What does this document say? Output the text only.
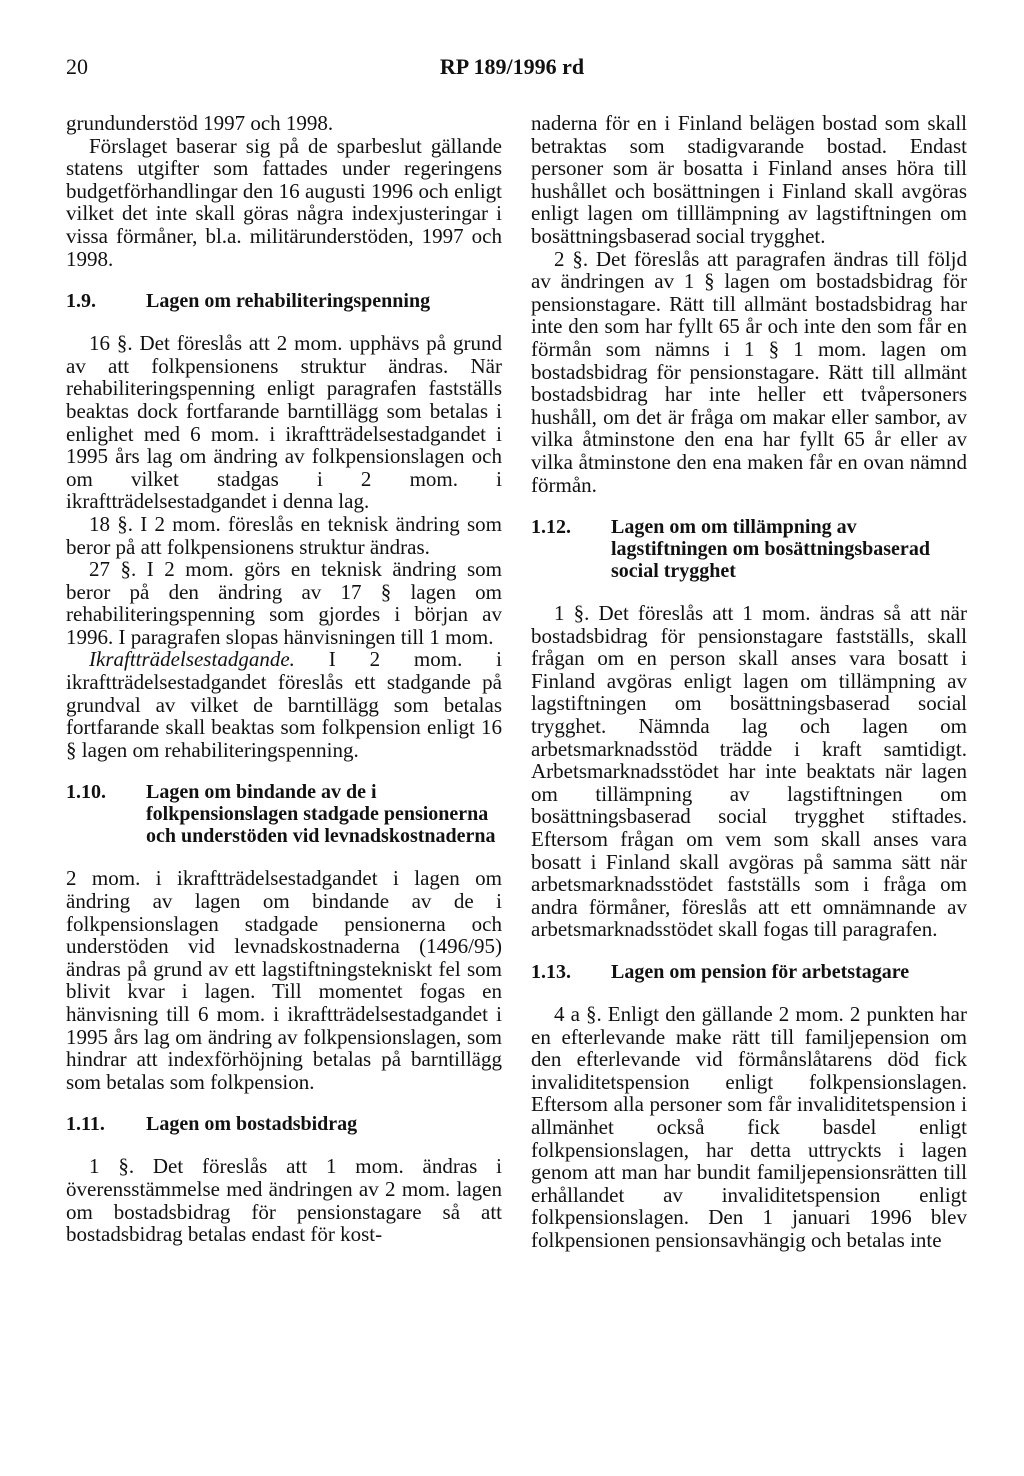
20	RP 189/1996 rd

grundunderstöd 1997 och 1998.

Förslaget baserar sig på de sparbeslut gällande statens utgifter som fattades under regeringens budgetförhandlingar den 16 augusti 1996 och enligt vilket det inte skall göras några indexjusteringar i vissa förmåner, bl.a. militärunderstöden, 1997 och 1998.

1.9.	Lagen om rehabiliteringspenning

16 §. Det föreslås att 2 mom. upphävs på grund av att folkpensionens struktur ändras. När rehabiliteringspenning enligt paragrafen fastställs beaktas dock fortfarande barntillägg som betalas i enlighet med 6 mom. i ikraftträdelsestadgandet i 1995 års lag om ändring av folkpensionslagen och om vilket stadgas i 2 mom. i ikraftträdelsestadgandet i denna lag.

18 §. I 2 mom. föreslås en teknisk ändring som beror på att folkpensionens struktur ändras.

27 §. I 2 mom. görs en teknisk ändring som beror på den ändring av 17 § lagen om rehabiliteringspenning som gjordes i början av 1996. I paragrafen slopas hänvisningen till 1 mom.

Ikraftträdelsestadgande. I 2 mom. i ikraftträdelsestadgandet föreslås ett stadgande på grundval av vilket de barntillägg som betalas fortfarande skall beaktas som folkpension enligt 16 § lagen om rehabiliteringspenning.

1.10.	Lagen om bindande av de i folkpensionslagen stadgade pensionerna och understöden vid levnadskostnaderna

2 mom. i ikraftträdelsestadgandet i lagen om ändring av lagen om bindande av de i folkpensionslagen stadgade pensionerna och understöden vid levnadskostnaderna (1496/95) ändras på grund av ett lagstiftningstekniskt fel som blivit kvar i lagen. Till momentet fogas en hänvisning till 6 mom. i ikraftträdelsestadgandet i 1995 års lag om ändring av folkpensionslagen, som hindrar att indexförhöjning betalas på barntillägg som betalas som folkpension.

1.11.	Lagen om bostadsbidrag

1 §. Det föreslås att 1 mom. ändras i överensstämmelse med ändringen av 2 mom. lagen om bostadsbidrag för pensionstagare så att bostadsbidrag betalas endast för kost-

naderna för en i Finland belägen bostad som skall betraktas som stadigvarande bostad. Endast personer som är bosatta i Finland anses höra till hushållet och bosättningen i Finland skall avgöras enligt lagen om tilllämpning av lagstiftningen om bosättningsbaserad social trygghet.

2 §. Det föreslås att paragrafen ändras till följd av ändringen av 1 § lagen om bostadsbidrag för pensionstagare. Rätt till allmänt bostadsbidrag har inte den som har fyllt 65 år och inte den som får en förmån som nämns i 1 § 1 mom. lagen om bostadsbidrag för pensionstagare. Rätt till allmänt bostadsbidrag har inte heller ett tvåpersoners hushåll, om det är fråga om makar eller sambor, av vilka åtminstone den ena har fyllt 65 år eller av vilka åtminstone den ena maken får en ovan nämnd förmån.

1.12.	Lagen om om tillämpning av lagstiftningen om bosättningsbaserad social trygghet

1 §. Det föreslås att 1 mom. ändras så att när bostadsbidrag för pensionstagare fastställs, skall frågan om en person skall anses vara bosatt i Finland avgöras enligt lagen om tillämpning av lagstiftningen om bosättningsbaserad social trygghet. Nämnda lag och lagen om arbetsmarknadsstöd trädde i kraft samtidigt. Arbetsmarknadsstödet har inte beaktats när lagen om tillämpning av lagstiftningen om bosättningsbaserad social trygghet stiftades. Eftersom frågan om vem som skall anses vara bosatt i Finland skall avgöras på samma sätt när arbetsmarknadsstödet fastställs som i fråga om andra förmåner, föreslås att ett omnämnande av arbetsmarknadsstödet skall fogas till paragrafen.

1.13.	Lagen om pension för arbetstagare

4 a §. Enligt den gällande 2 mom. 2 punkten har en efterlevande make rätt till familjepension om den efterlevande vid förmånslåtarens död fick invaliditetspension enligt folkpensionslagen. Eftersom alla personer som får invaliditetspension i allmänhet också fick basdel enligt folkpensionslagen, har detta uttryckts i lagen genom att man har bundit familjepensionsrätten till erhållandet av invaliditetspension enligt folkpensionslagen. Den 1 januari 1996 blev folkpensionen pensionsavhängig och betalas inte
